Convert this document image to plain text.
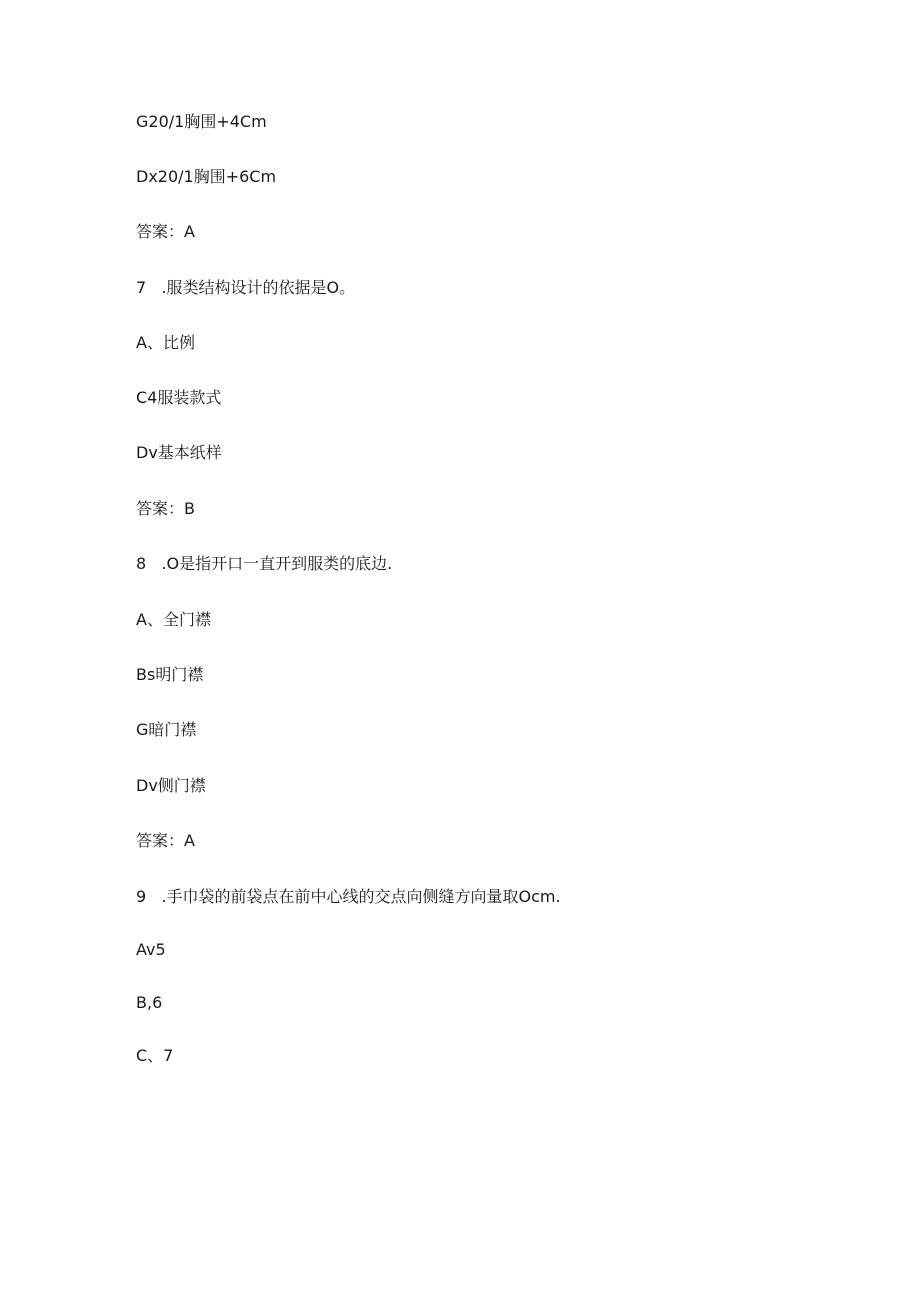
G20/1胸围+4Cm
Dx20/1胸围+6Cm
答案：A
7   .服类结构设计的依据是O。
A、比例
C4服装款式
Dv基本纸样
答案：B
8   .O是指开口一直开到服类的底边.
A、全门襟
Bs明门襟
G暗门襟
Dv侧门襟
答案：A
9   .手巾袋的前袋点在前中心线的交点向侧缝方向量取Ocm.
Av5
B,6
C、7
